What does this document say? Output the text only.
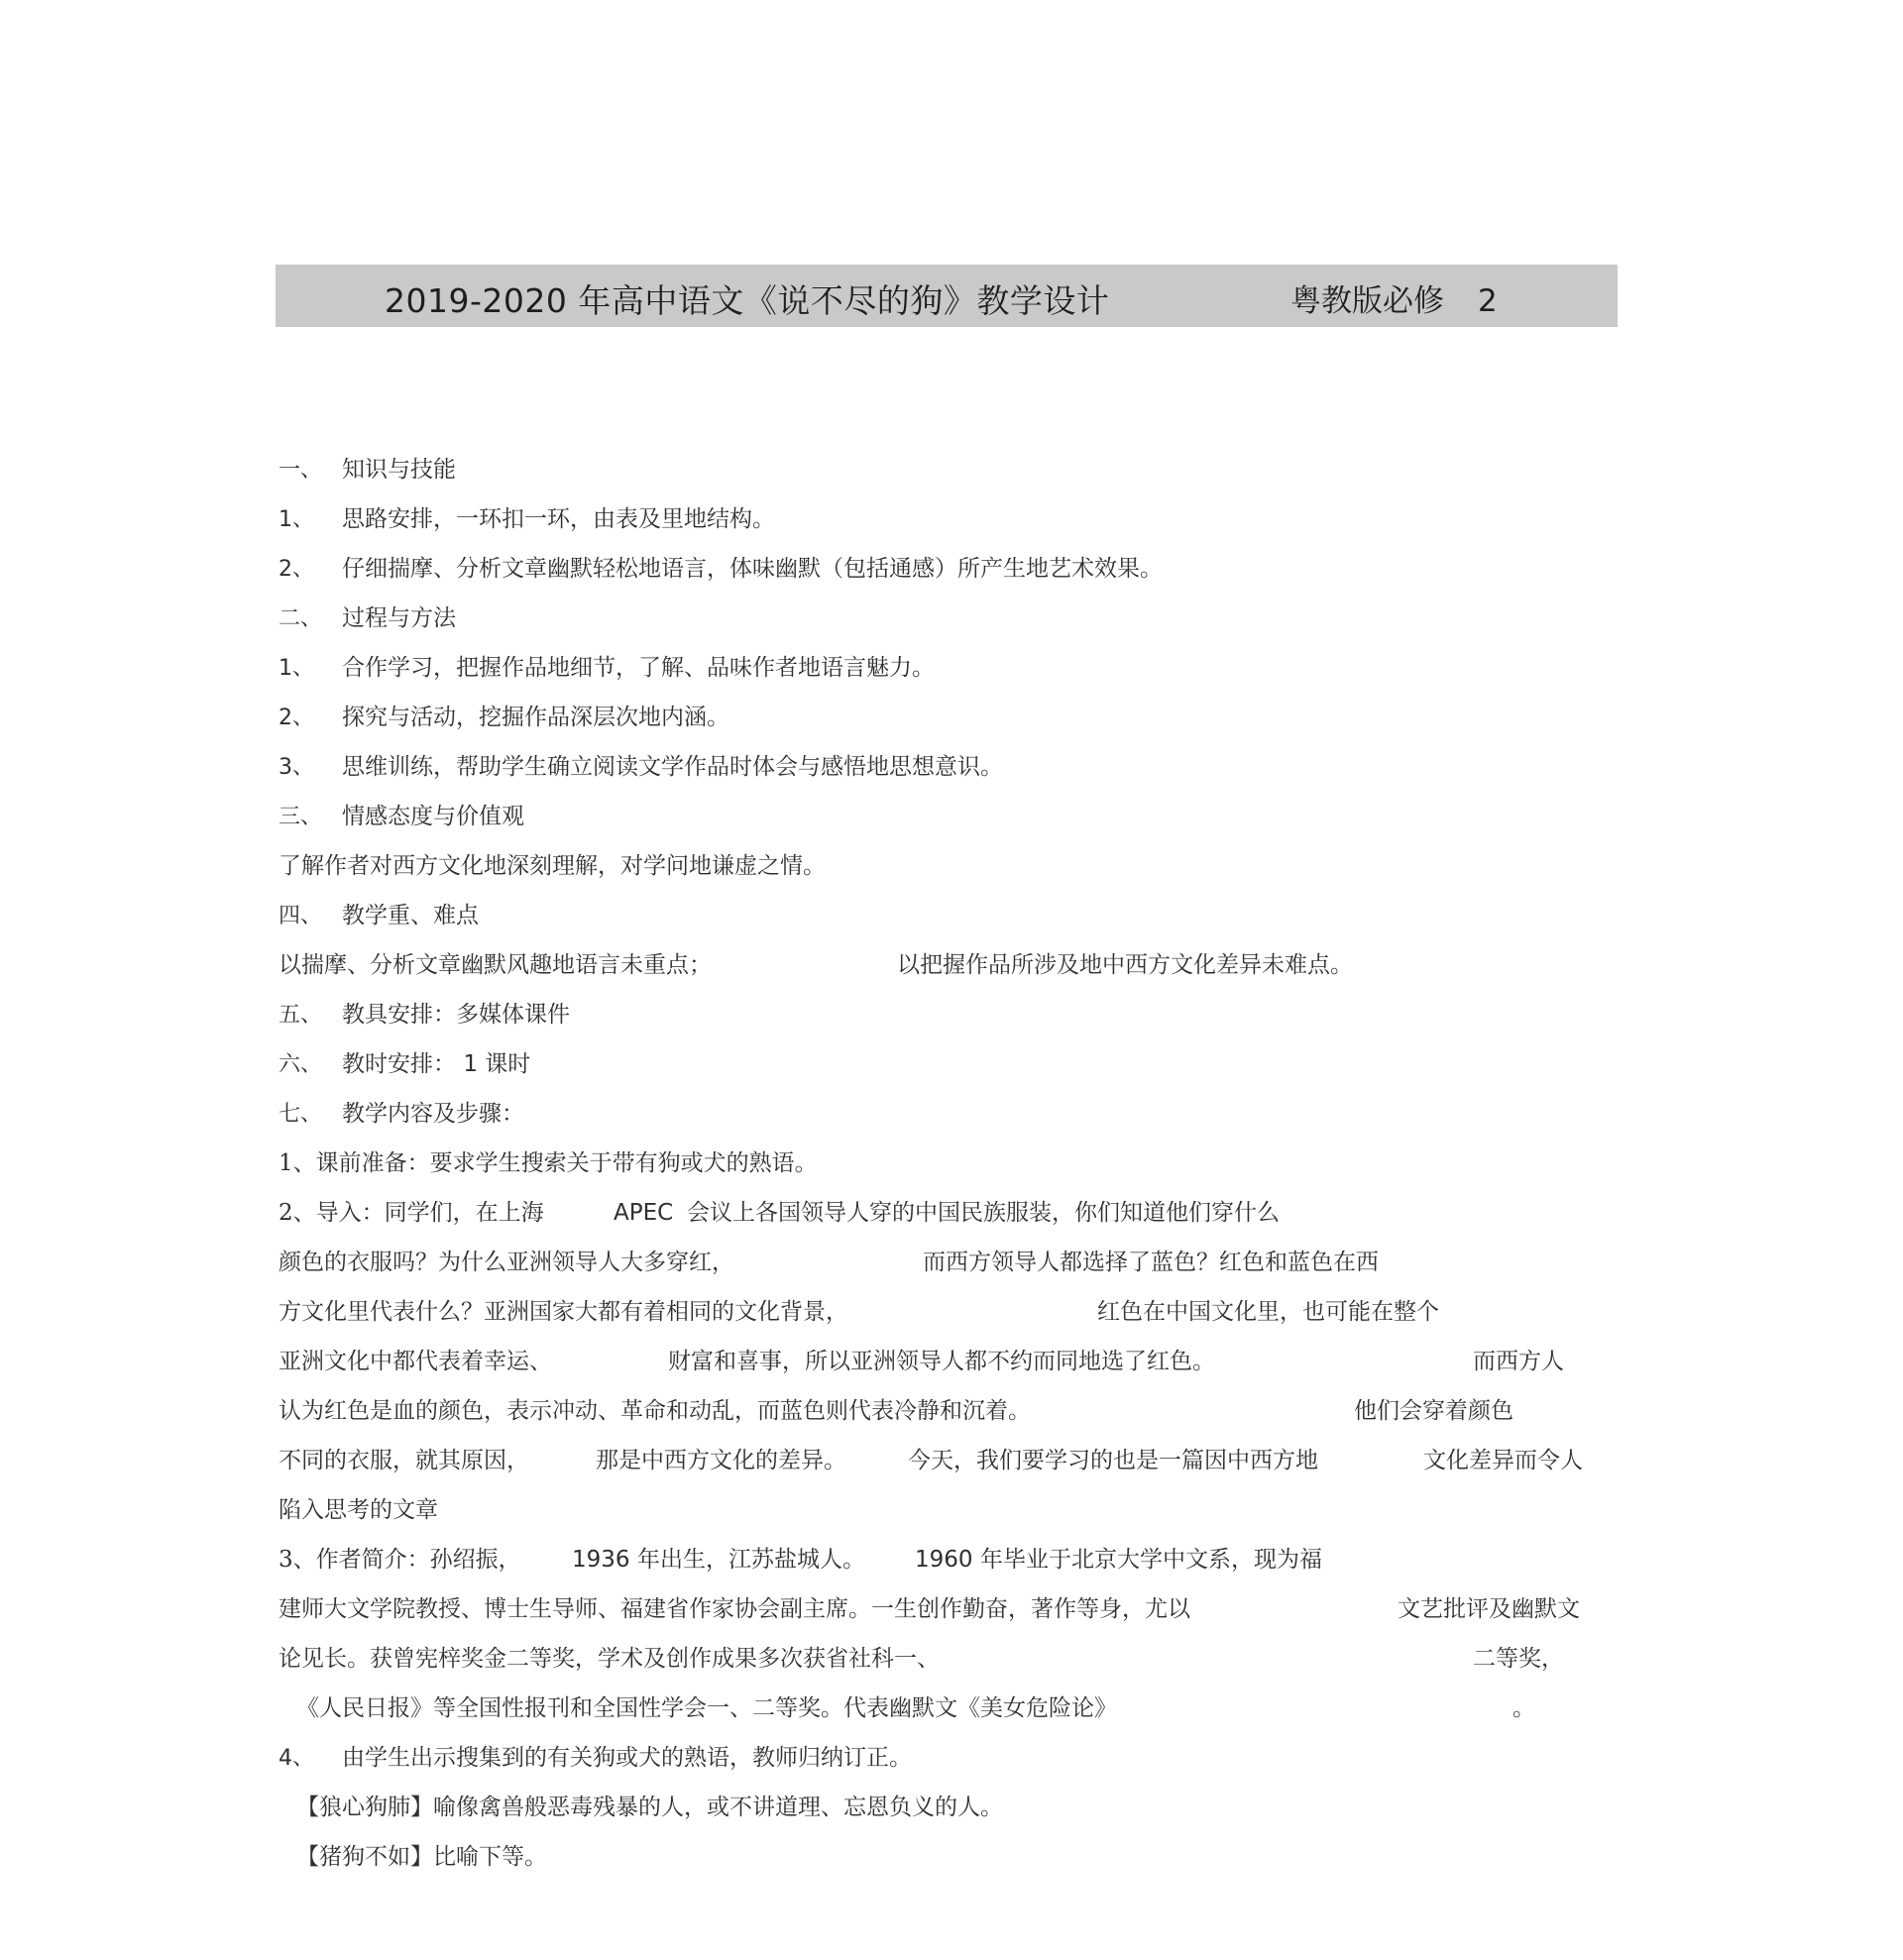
2019-2020 年高中语文《说不尽的狗》教学设计	粤教版必修 2
一、 知识与技能
1、 思路安排，一环扣一环，由表及里地结构。
2、 仔细揣摩、分析文章幽默轻松地语言，体味幽默（包括通感）所产生地艺术效果。
二、 过程与方法
1、 合作学习，把握作品地细节，了解、品味作者地语言魅力。
2、 探究与活动，挖掘作品深层次地内涵。
3、 思维训练，帮助学生确立阅读文学作品时体会与感悟地思想意识。
三、 情感态度与价值观
了解作者对西方文化地深刻理解，对学问地谦虚之情。
四、 教学重、难点
以揣摩、分析文章幽默风趣地语言未重点；	以把握作品所涉及地中西方文化差异未难点。
五、 教具安排：多媒体课件
六、 教时安排： 1 课时
七、 教学内容及步骤：
1、课前准备：要求学生搜索关于带有狗或犬的熟语。
2、导入：同学们，在上海	APEC 会议上各国领导人穿的中国民族服装，你们知道他们穿什么
颜色的衣服吗？为什么亚洲领导人大多穿红，	而西方领导人都选择了蓝色？红色和蓝色在西
方文化里代表什么？亚洲国家大都有着相同的文化背景，	红色在中国文化里，也可能在整个
亚洲文化中都代表着幸运、	财富和喜事，所以亚洲领导人都不约而同地选了红色。	而西方人
认为红色是血的颜色，表示冲动、革命和动乱，而蓝色则代表冷静和沉着。	他们会穿着颜色
不同的衣服，就其原因，	那是中西方文化的差异。	今天，我们要学习的也是一篇因中西方地	文化差异而令人
陷入思考的文章
3、作者简介：孙绍振， 1936 年出生，江苏盐城人。 1960 年毕业于北京大学中文系，现为福
建师大文学院教授、博士生导师、福建省作家协会副主席。一生创作勤奋，著作等身，尤以	文艺批评及幽默文
论见长。获曾宪梓奖金二等奖，学术及创作成果多次获省社科一、	二等奖，
《人民日报》等全国性报刊和全国性学会一、二等奖。代表幽默文《美女危险论》	。
4、 由学生出示搜集到的有关狗或犬的熟语，教师归纳订正。
【狼心狗肺】喻像禽兽般恶毒残暴的人，或不讲道理、忘恩负义的人。
【猪狗不如】比喻下等。
